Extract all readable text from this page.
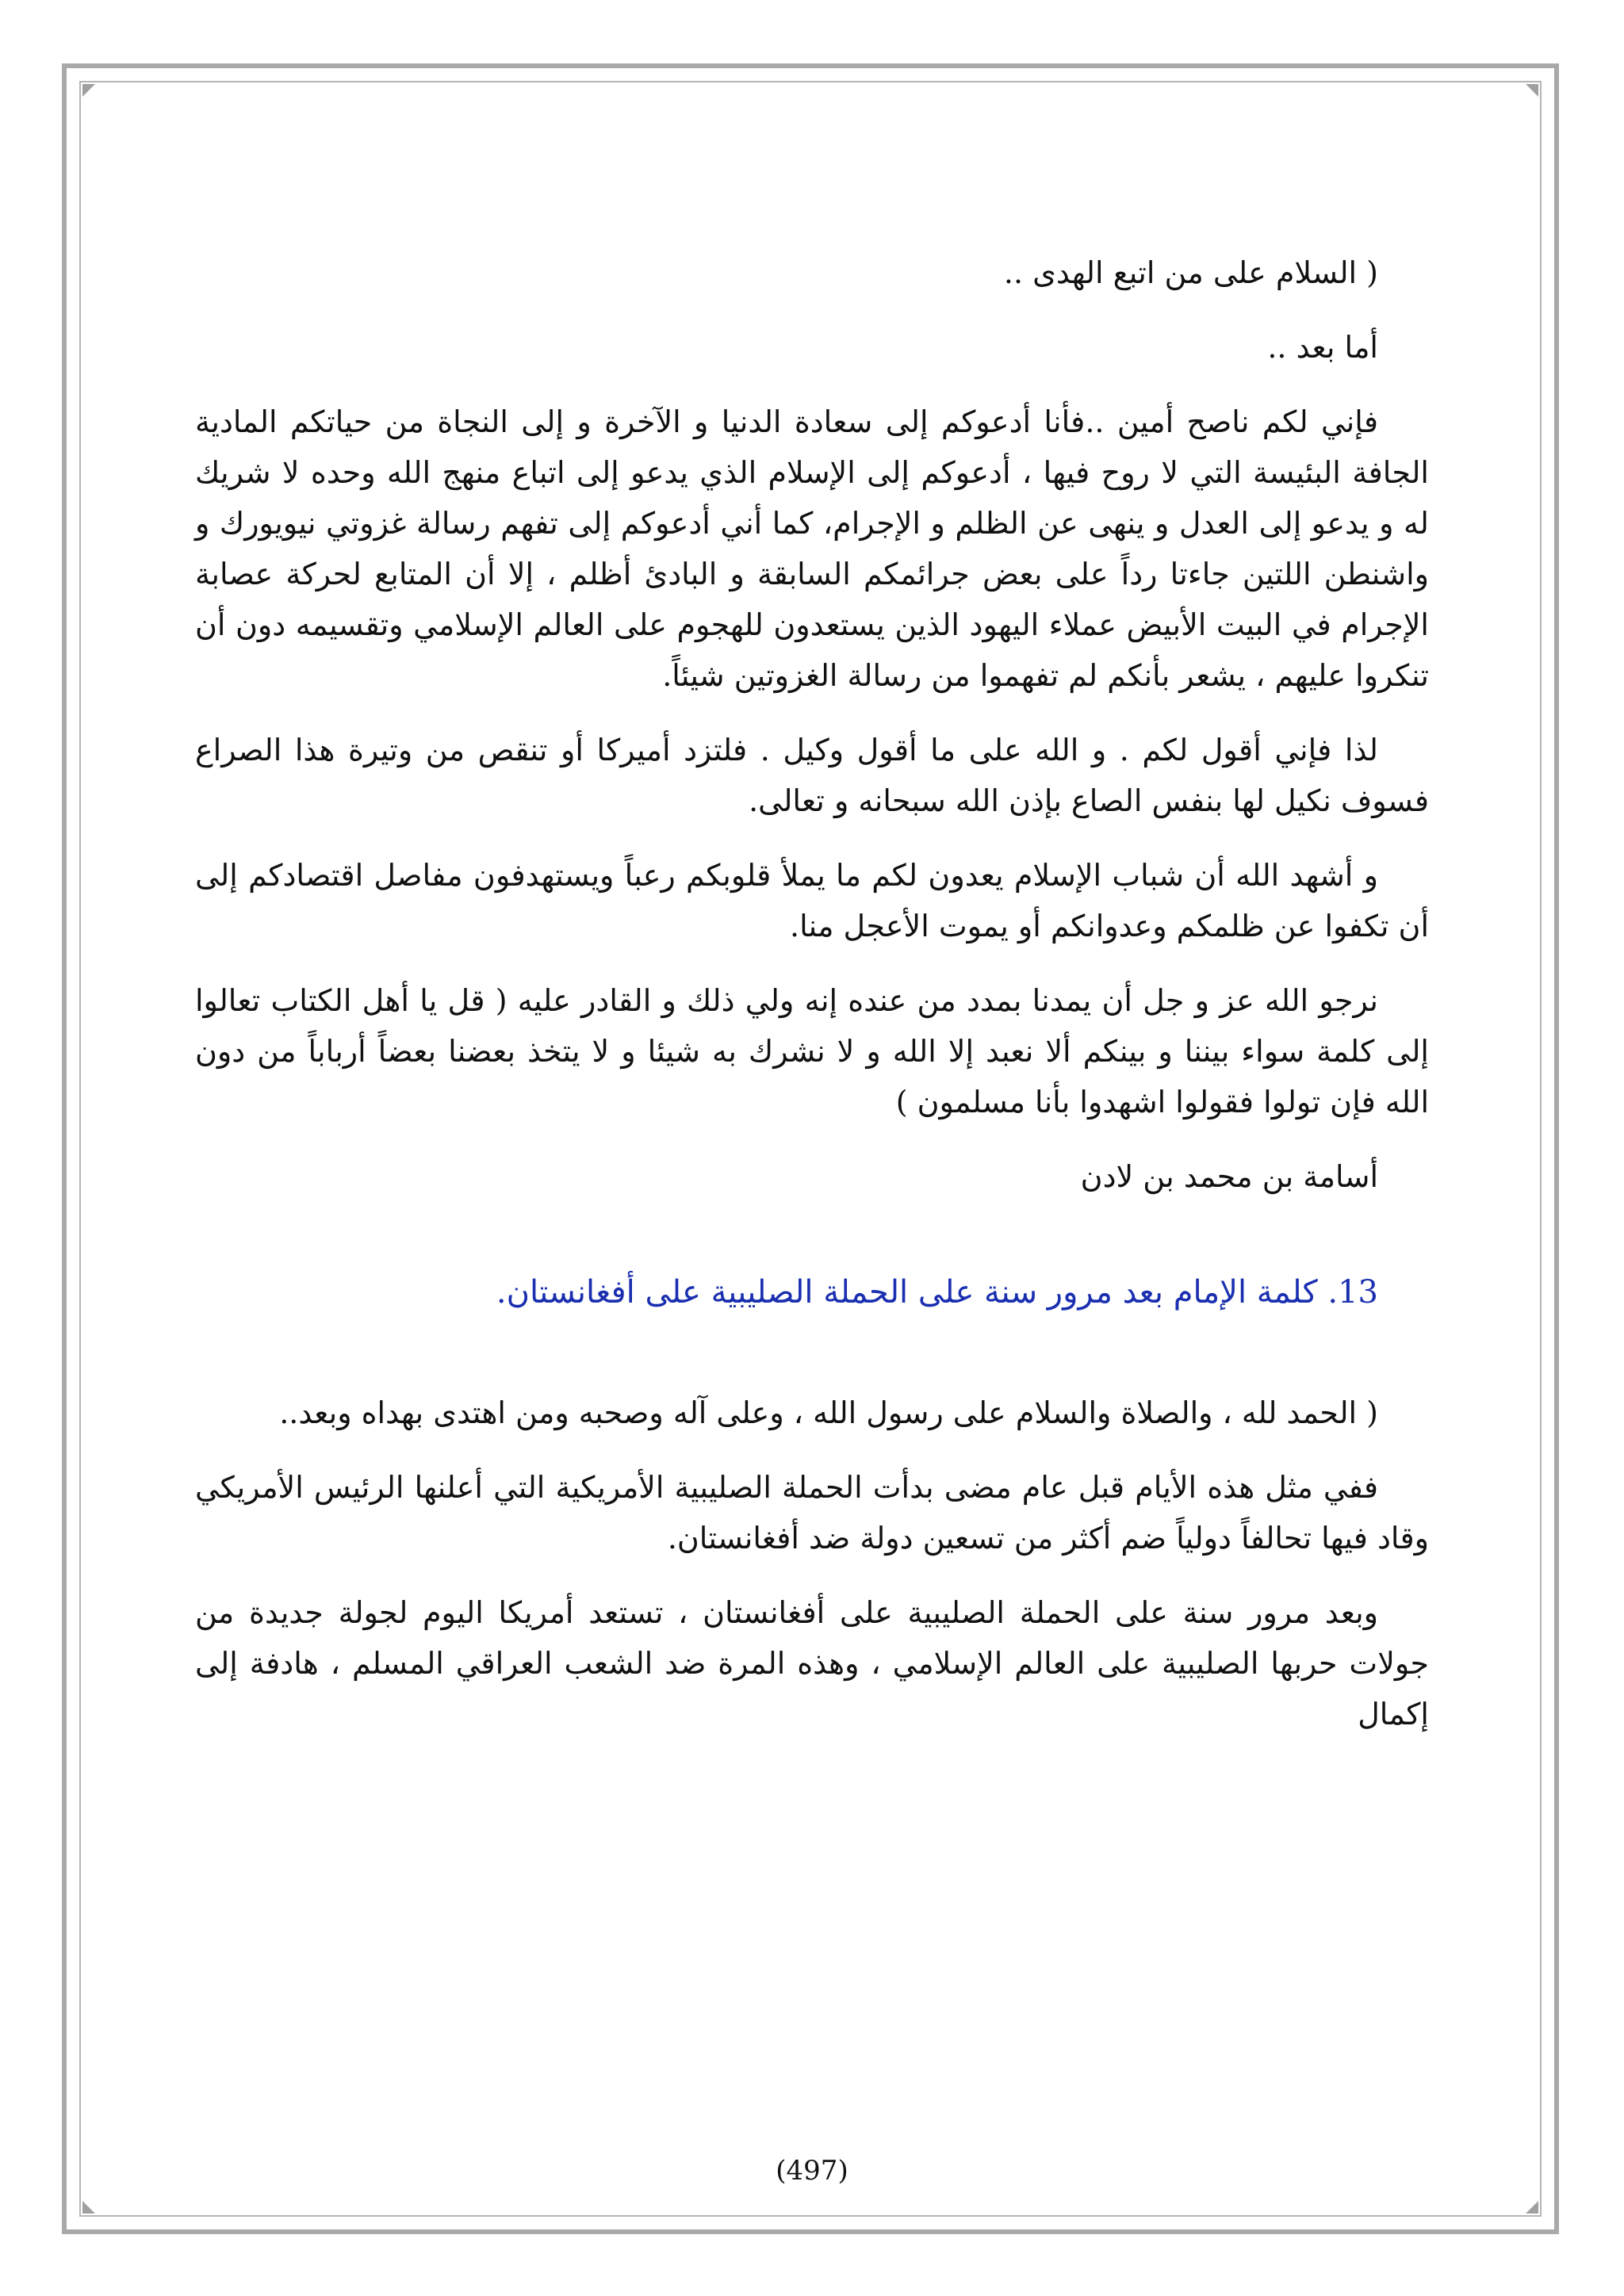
( السلام على من اتبع الهدى ..

أما بعد ..

فإني لكم ناصح أمين ..فأنا أدعوكم إلى سعادة الدنيا و الآخرة و إلى النجاة من حياتكم المادية الجافة البئيسة التي لا روح فيها ، أدعوكم إلى الإسلام الذي يدعو إلى اتباع منهج الله وحده لا شريك له و يدعو إلى العدل و ينهى عن الظلم و الإجرام، كما أني أدعوكم إلى تفهم رسالة غزوتي نيويورك و واشنطن اللتين جاءتا رداً على بعض جرائمكم السابقة و البادئ أظلم ، إلا أن المتابع لحركة عصابة الإجرام في البيت الأبيض عملاء اليهود الذين يستعدون للهجوم على العالم الإسلامي وتقسيمه دون أن تنكروا عليهم ، يشعر بأنكم لم تفهموا من رسالة الغزوتين شيئاً.

لذا فإني أقول لكم . و الله على ما أقول وكيل . فلتزد أميركا أو تنقص من وتيرة هذا الصراع فسوف نكيل لها بنفس الصاع بإذن الله سبحانه و تعالى.

و أشهد الله أن شباب الإسلام يعدون لكم ما يملأ قلوبكم رعباً ويستهدفون مفاصل اقتصادكم إلى أن تكفوا عن ظلمكم وعدوانكم أو يموت الأعجل منا.

نرجو الله عز و جل أن يمدنا بمدد من عنده إنه ولي ذلك و القادر عليه ( قل يا أهل الكتاب تعالوا إلى كلمة سواء بيننا و بينكم ألا نعبد إلا الله و لا نشرك به شيئا و لا يتخذ بعضنا بعضاً أرباباً من دون الله فإن تولوا فقولوا اشهدوا بأنا مسلمون )

أسامة بن محمد بن لادن

13. كلمة الإمام بعد مرور سنة على الحملة الصليبية على أفغانستان.

( الحمد لله ، والصلاة والسلام على رسول الله ، وعلى آله وصحبه ومن اهتدى بهداه وبعد..

ففي مثل هذه الأيام قبل عام مضى بدأت الحملة الصليبية الأمريكية التي أعلنها الرئيس الأمريكي وقاد فيها تحالفاً دولياً ضم أكثر من تسعين دولة ضد أفغانستان.

وبعد مرور سنة على الحملة الصليبية على أفغانستان ، تستعد أمريكا اليوم لجولة جديدة من جولات حربها الصليبية على العالم الإسلامي ، وهذه المرة ضد الشعب العراقي المسلم ، هادفة إلى إكمال

(497)
